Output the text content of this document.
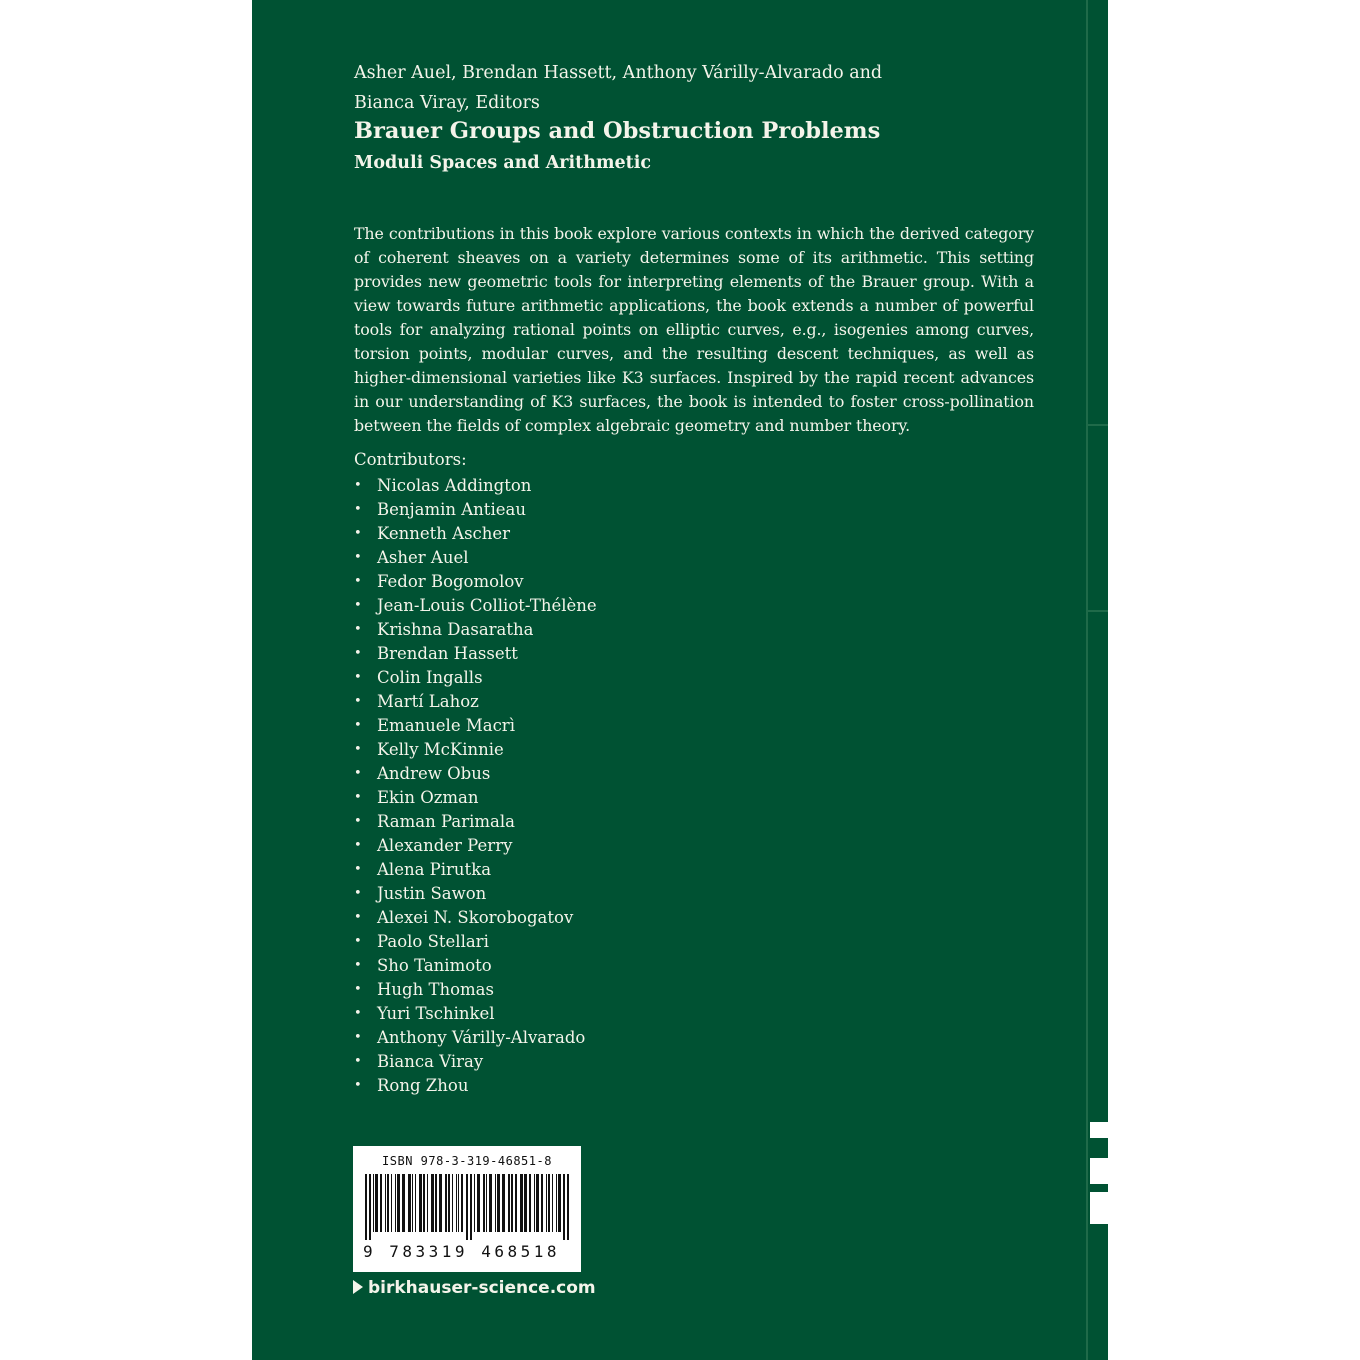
Asher Auel, Brendan Hassett, Anthony Várilly-Alvarado and Bianca Viray, Editors

Brauer Groups and Obstruction Problems
Moduli Spaces and Arithmetic

The contributions in this book explore various contexts in which the derived category of coherent sheaves on a variety determines some of its arithmetic. This setting provides new geometric tools for interpreting elements of the Brauer group. With a view towards future arithmetic applications, the book extends a number of powerful tools for analyzing rational points on elliptic curves, e.g., isogenies among curves, torsion points, modular curves, and the resulting descent techniques, as well as higher-dimensional varieties like K3 surfaces. Inspired by the rapid recent advances in our understanding of K3 surfaces, the book is intended to foster cross-pollination between the fields of complex algebraic geometry and number theory.

Contributors:

• Nicolas Addington
• Benjamin Antieau
• Kenneth Ascher
• Asher Auel
• Fedor Bogomolov
• Jean-Louis Colliot-Thélène
• Krishna Dasaratha
• Brendan Hassett
• Colin Ingalls
• Martí Lahoz
• Emanuele Macrì
• Kelly McKinnie
• Andrew Obus
• Ekin Ozman
• Raman Parimala
• Alexander Perry
• Alena Pirutka
• Justin Sawon
• Alexei N. Skorobogatov
• Paolo Stellari
• Sho Tanimoto
• Hugh Thomas
• Yuri Tschinkel
• Anthony Várilly-Alvarado
• Bianca Viray
• Rong Zhou
ISBN 978-3-319-46851-8
9 783319 468518
birkhauser-science.com
